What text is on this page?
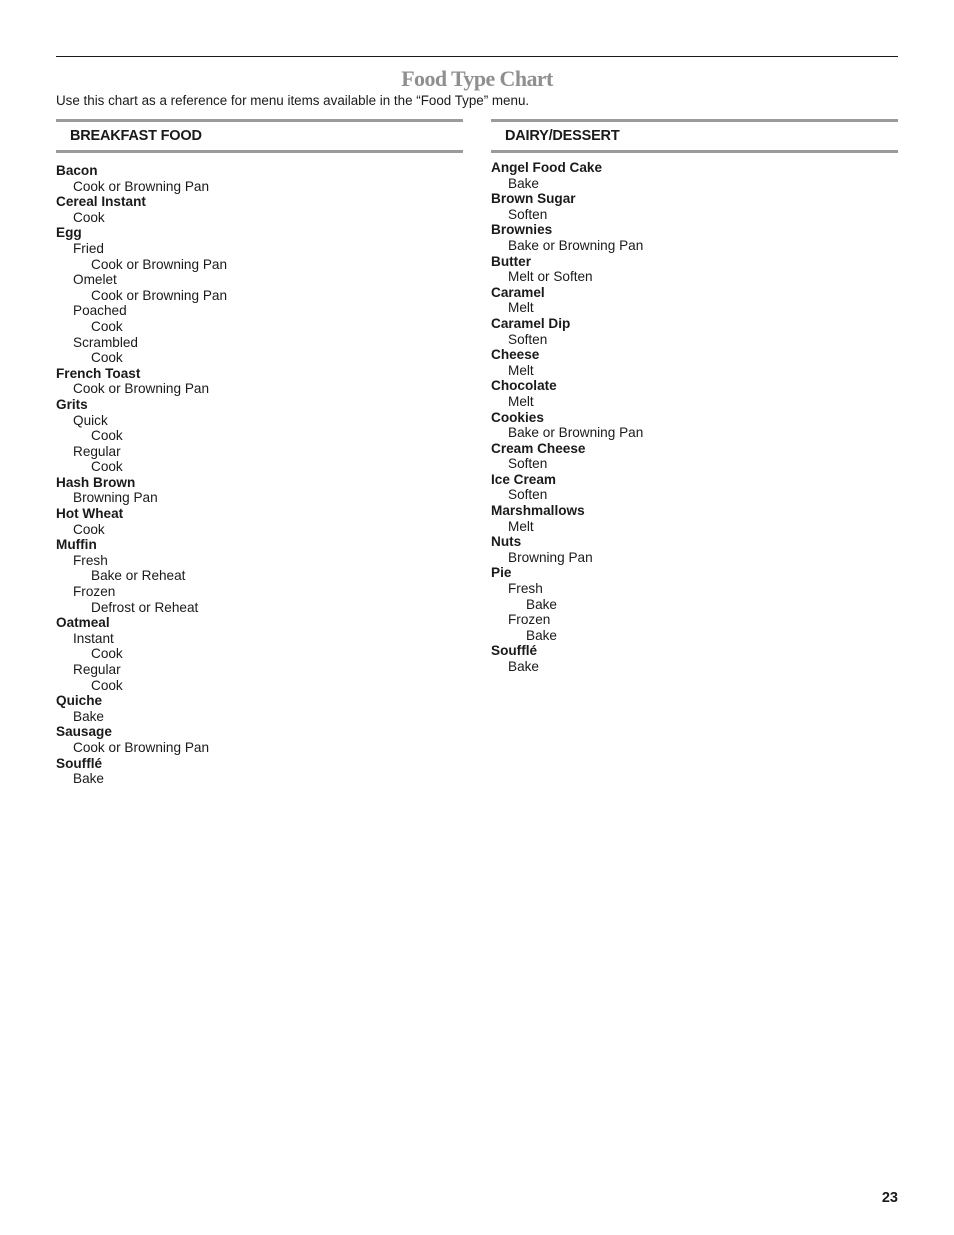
Food Type Chart
Use this chart as a reference for menu items available in the “Food Type” menu.
BREAKFAST FOOD
Bacon
Cook or Browning Pan
Cereal Instant
Cook
Egg
Fried
Cook or Browning Pan
Omelet
Cook or Browning Pan
Poached
Cook
Scrambled
Cook
French Toast
Cook or Browning Pan
Grits
Quick
Cook
Regular
Cook
Hash Brown
Browning Pan
Hot Wheat
Cook
Muffin
Fresh
Bake or Reheat
Frozen
Defrost or Reheat
Oatmeal
Instant
Cook
Regular
Cook
Quiche
Bake
Sausage
Cook or Browning Pan
Soufflé
Bake
DAIRY/DESSERT
Angel Food Cake
Bake
Brown Sugar
Soften
Brownies
Bake or Browning Pan
Butter
Melt or Soften
Caramel
Melt
Caramel Dip
Soften
Cheese
Melt
Chocolate
Melt
Cookies
Bake or Browning Pan
Cream Cheese
Soften
Ice Cream
Soften
Marshmallows
Melt
Nuts
Browning Pan
Pie
Fresh
Bake
Frozen
Bake
Soufflé
Bake
23
